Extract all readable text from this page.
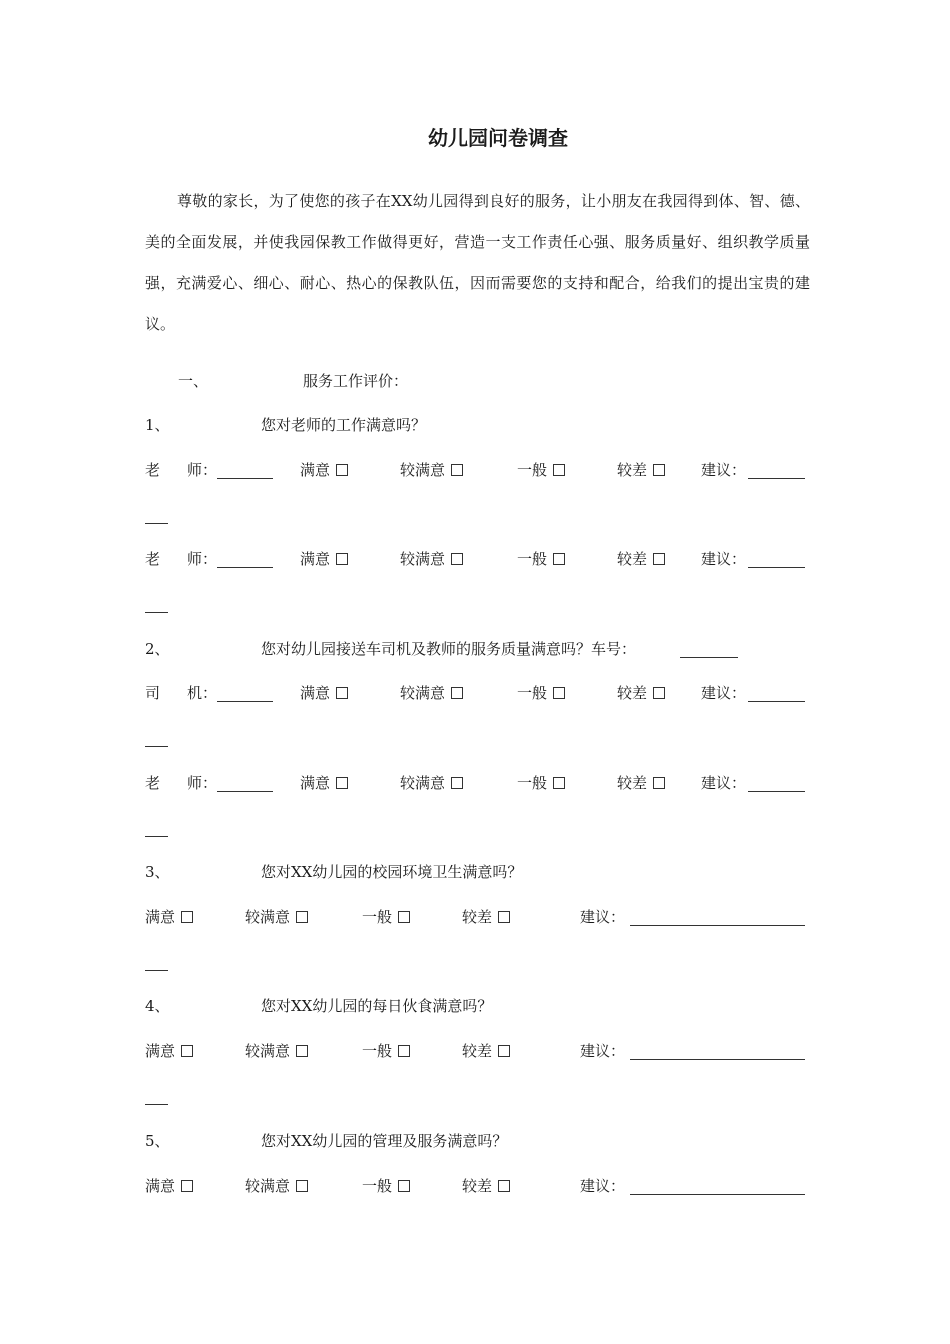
幼儿园问卷调查
尊敬的家长，为了使您的孩子在XX幼儿园得到良好的服务，让小朋友在我园得到体、智、德、美的全面发展，并使我园保教工作做得更好，营造一支工作责任心强、服务质量好、组织教学质量强，充满爱心、细心、耐心、热心的保教队伍，因而需要您的支持和配合，给我们的提出宝贵的建议。
一、	服务工作评价：
1、	您对老师的工作满意吗？
老 师：	满意	较满意	一般	较差	建议：
老 师：	满意	较满意	一般	较差	建议：
2、	您对幼儿园接送车司机及教师的服务质量满意吗？车号：
司 机：	满意	较满意	一般	较差	建议：
老 师：	满意	较满意	一般	较差	建议：
3、	您对XX幼儿园的校园环境卫生满意吗？
满意	较满意	一般	较差	建议：
4、	您对XX幼儿园的每日伙食满意吗？
满意	较满意	一般	较差	建议：
5、	您对XX幼儿园的管理及服务满意吗？
满意	较满意	一般	较差	建议：
